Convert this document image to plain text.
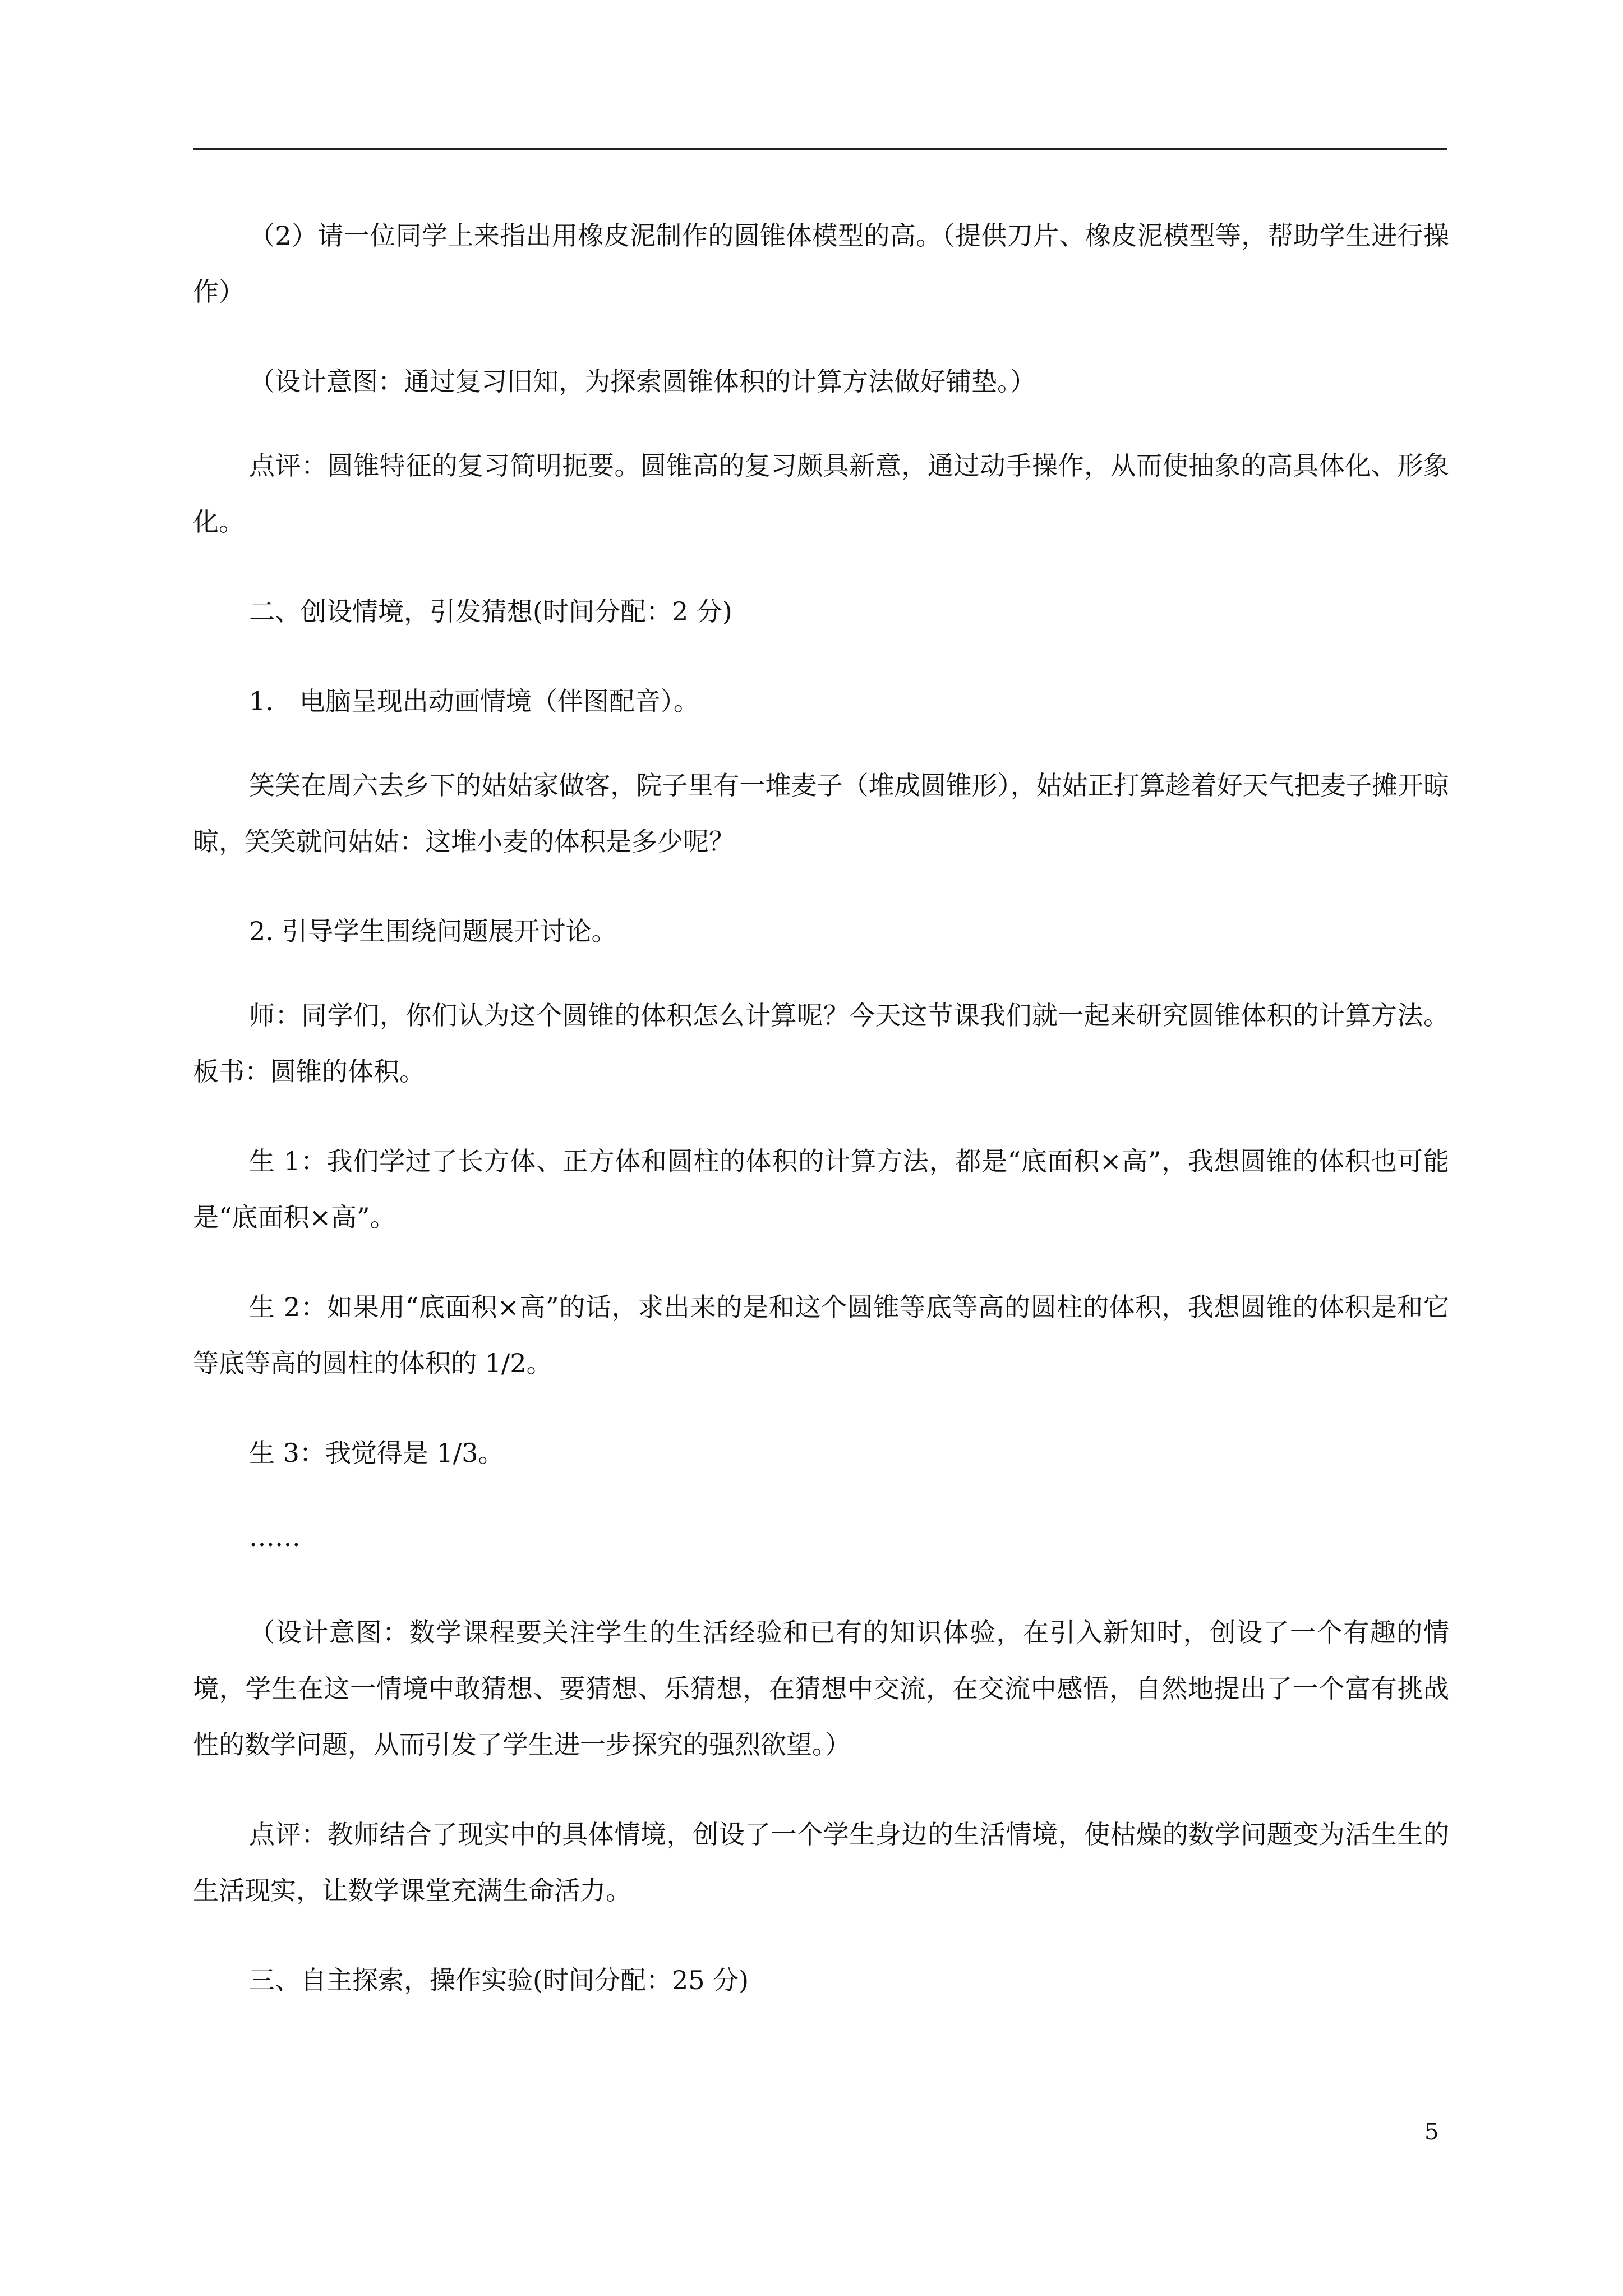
（2）请一位同学上来指出用橡皮泥制作的圆锥体模型的高。（提供刀片、橡皮泥模型等，帮助学生进行操作）

（设计意图：通过复习旧知，为探索圆锥体积的计算方法做好铺垫。）

点评：圆锥特征的复习简明扼要。圆锥高的复习颇具新意，通过动手操作，从而使抽象的高具体化、形象化。

二、创设情境，引发猜想(时间分配：2 分)

1.　电脑呈现出动画情境（伴图配音）。

笑笑在周六去乡下的姑姑家做客，院子里有一堆麦子（堆成圆锥形），姑姑正打算趁着好天气把麦子摊开晾晾，笑笑就问姑姑：这堆小麦的体积是多少呢？

2. 引导学生围绕问题展开讨论。

师：同学们，你们认为这个圆锥的体积怎么计算呢？今天这节课我们就一起来研究圆锥体积的计算方法。板书：圆锥的体积。

生 1：我们学过了长方体、正方体和圆柱的体积的计算方法，都是“底面积×高”，我想圆锥的体积也可能是“底面积×高”。

生 2：如果用“底面积×高”的话，求出来的是和这个圆锥等底等高的圆柱的体积，我想圆锥的体积是和它等底等高的圆柱的体积的 1/2。

生 3：我觉得是 1/3。

……

（设计意图：数学课程要关注学生的生活经验和已有的知识体验，在引入新知时，创设了一个有趣的情境，学生在这一情境中敢猜想、要猜想、乐猜想，在猜想中交流，在交流中感悟，自然地提出了一个富有挑战性的数学问题，从而引发了学生进一步探究的强烈欲望。）

点评：教师结合了现实中的具体情境，创设了一个学生身边的生活情境，使枯燥的数学问题变为活生生的生活现实，让数学课堂充满生命活力。

三、自主探索，操作实验(时间分配：25 分)

5
